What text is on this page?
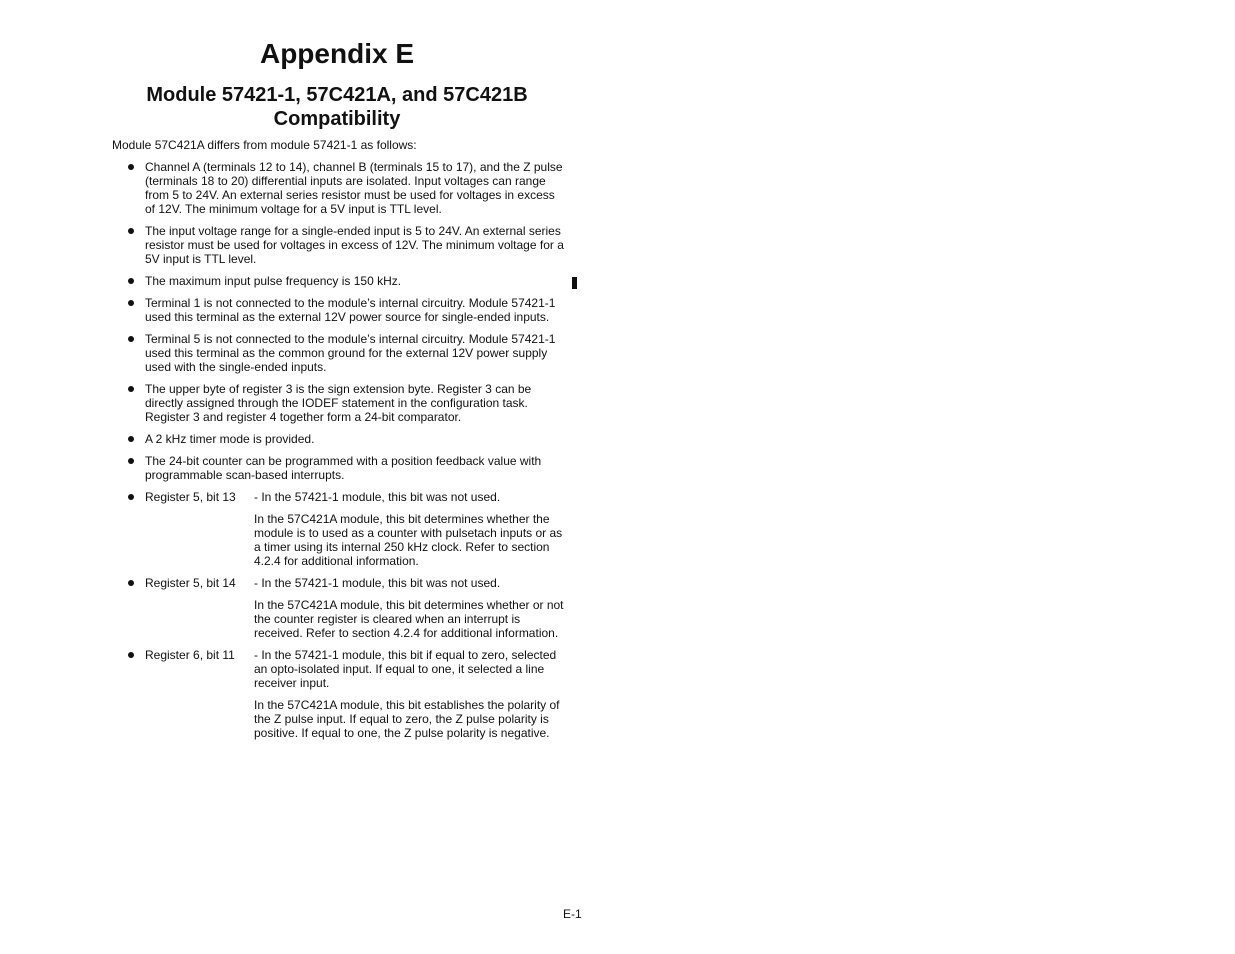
Appendix E
Module 57421-1, 57C421A, and 57C421B Compatibility

Module 57C421A differs from module 57421-1 as follows:

Channel A (terminals 12 to 14), channel B (terminals 15 to 17), and the Z pulse (terminals 18 to 20) differential inputs are isolated. Input voltages can range from 5 to 24V. An external series resistor must be used for voltages in excess of 12V. The minimum voltage for a 5V input is TTL level.
The input voltage range for a single-ended input is 5 to 24V. An external series resistor must be used for voltages in excess of 12V. The minimum voltage for a 5V input is TTL level.
The maximum input pulse frequency is 150 kHz.
Terminal 1 is not connected to the module’s internal circuitry. Module 57421-1 used this terminal as the external 12V power source for single-ended inputs.
Terminal 5 is not connected to the module’s internal circuitry. Module 57421-1 used this terminal as the common ground for the external 12V power supply used with the single-ended inputs.
The upper byte of register 3 is the sign extension byte. Register 3 can be directly assigned through the IODEF statement in the configuration task. Register 3 and register 4 together form a 24-bit comparator.
A 2 kHz timer mode is provided.
The 24-bit counter can be programmed with a position feedback value with programmable scan-based interrupts.
Register 5, bit 13	- In the 57421-1 module, this bit was not used.
In the 57C421A module, this bit determines whether the module is to used as a counter with pulsetach inputs or as a timer using its internal 250 kHz clock. Refer to section 4.2.4 for additional information.
Register 5, bit 14	- In the 57421-1 module, this bit was not used.
In the 57C421A module, this bit determines whether or not the counter register is cleared when an interrupt is received. Refer to section 4.2.4 for additional information.
Register 6, bit 11	- In the 57421-1 module, this bit if equal to zero, selected an opto-isolated input. If equal to one, it selected a line receiver input.
In the 57C421A module, this bit establishes the polarity of the Z pulse input. If equal to zero, the Z pulse polarity is positive. If equal to one, the Z pulse polarity is negative.
E-1
